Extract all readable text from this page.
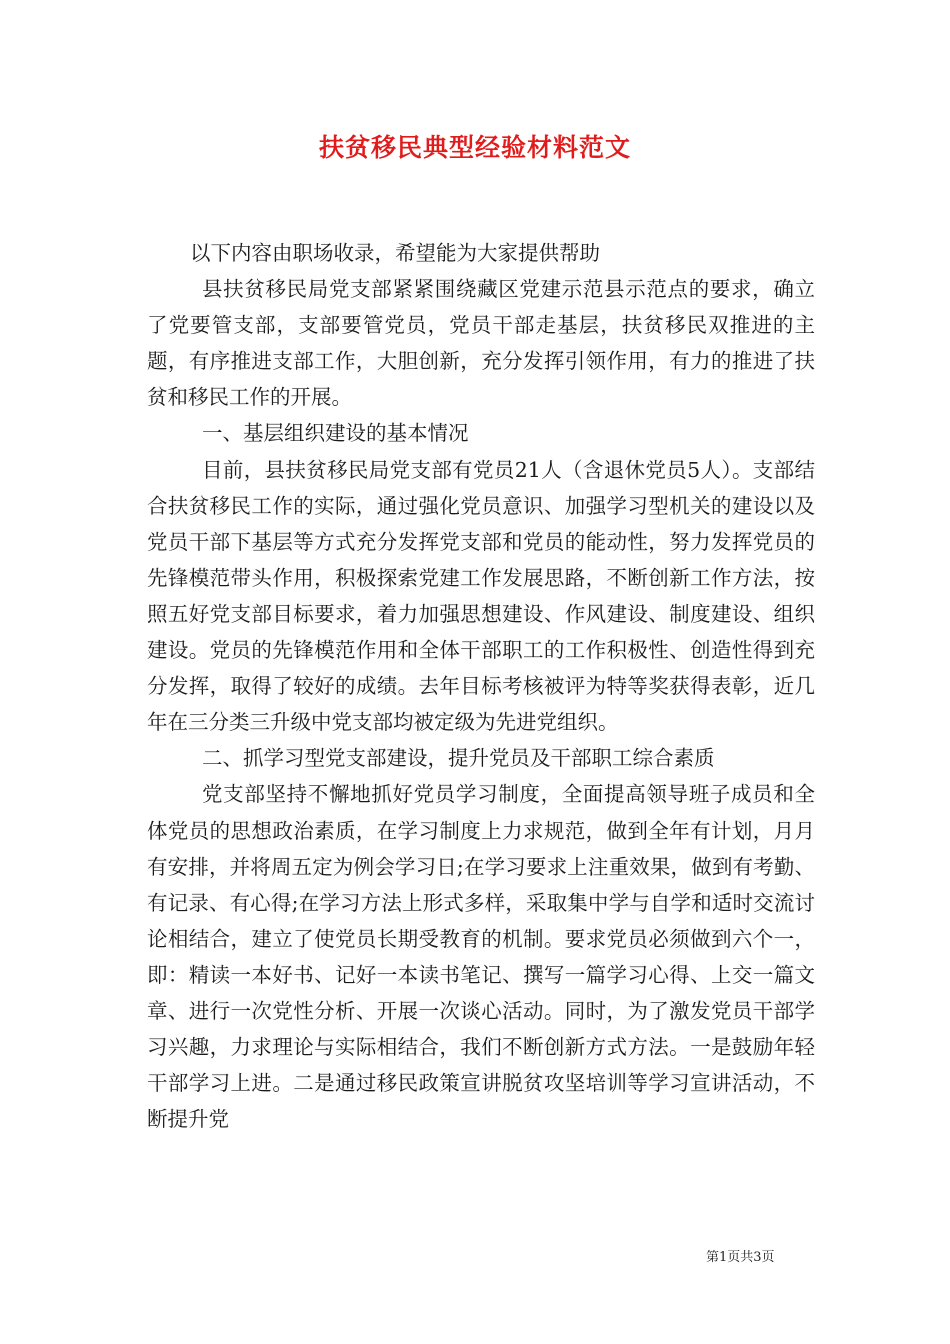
扶贫移民典型经验材料范文

以下内容由职场收录，希望能为大家提供帮助

县扶贫移民局党支部紧紧围绕藏区党建示范县示范点的要求，确立了党要管支部，支部要管党员，党员干部走基层，扶贫移民双推进的主题，有序推进支部工作，大胆创新，充分发挥引领作用，有力的推进了扶贫和移民工作的开展。

一、基层组织建设的基本情况

目前，县扶贫移民局党支部有党员21人（含退休党员5人）。支部结合扶贫移民工作的实际，通过强化党员意识、加强学习型机关的建设以及党员干部下基层等方式充分发挥党支部和党员的能动性，努力发挥党员的先锋模范带头作用，积极探索党建工作发展思路，不断创新工作方法，按照五好党支部目标要求，着力加强思想建设、作风建设、制度建设、组织建设。党员的先锋模范作用和全体干部职工的工作积极性、创造性得到充分发挥，取得了较好的成绩。去年目标考核被评为特等奖获得表彰，近几年在三分类三升级中党支部均被定级为先进党组织。

二、抓学习型党支部建设，提升党员及干部职工综合素质

党支部坚持不懈地抓好党员学习制度，全面提高领导班子成员和全体党员的思想政治素质，在学习制度上力求规范，做到全年有计划，月月有安排，并将周五定为例会学习日;在学习要求上注重效果，做到有考勤、有记录、有心得;在学习方法上形式多样，采取集中学与自学和适时交流讨论相结合，建立了使党员长期受教育的机制。要求党员必须做到六个一，即：精读一本好书、记好一本读书笔记、撰写一篇学习心得、上交一篇文章、进行一次党性分析、开展一次谈心活动。同时，为了激发党员干部学习兴趣，力求理论与实际相结合，我们不断创新方式方法。一是鼓励年轻干部学习上进。二是通过移民政策宣讲脱贫攻坚培训等学习宣讲活动，不断提升党

第1页共3页
